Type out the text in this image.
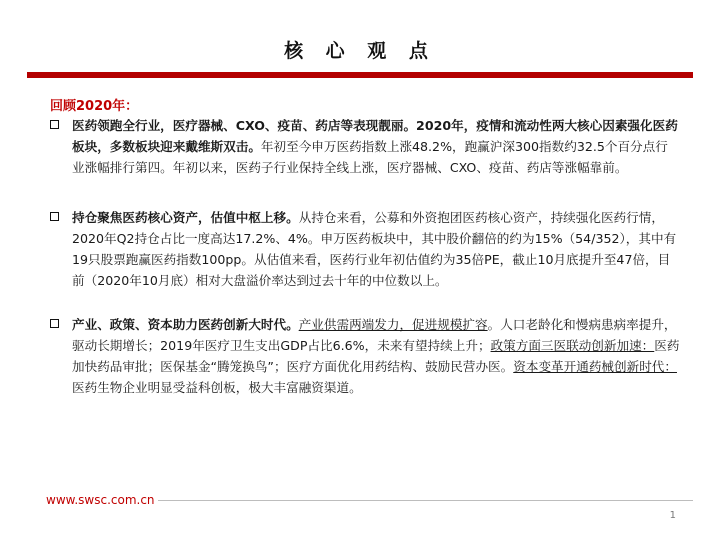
核 心 观 点
回顾2020年：
医药领跑全行业，医疗器械、CXO、疫苗、药店等表现靓丽。2020年，疫情和流动性两大核心因素强化医药板块，多数板块迎来戴维斯双击。年初至今申万医药指数上涨48.2%，跑赢沪深300指数约32.5个百分点行业涨幅排行第四。年初以来，医药子行业保持全线上涨，医疗器械、CXO、疫苗、药店等涨幅靠前。
持仓聚焦医药核心资产，估值中枢上移。从持仓来看，公募和外资抱团医药核心资产，持续强化医药行情，2020年Q2持仓占比一度高达17.2%、4%。申万医药板块中，其中股价翻倍的约为15%（54/352），其中有19只股票跑赢医药指数100pp。从估值来看，医药行业年初估值约为35倍PE，截止10月底提升至47倍，目前（2020年10月底）相对大盘溢价率达到过去十年的中位数以上。
产业、政策、资本助力医药创新大时代。产业供需两端发力，促进规模扩容。人口老龄化和慢病患病率提升，驱动长期增长；2019年医疗卫生支出GDP占比6.6%，未来有望持续上升；政策方面三医联动创新加速：医药加快药品审批；医保基金“腾笼换鸟”；医疗方面优化用药结构、鼓励民营办医。资本变革开通药械创新时代：医药生物企业明显受益科创板，极大丰富融资渠道。
www.swsc.com.cn
1
